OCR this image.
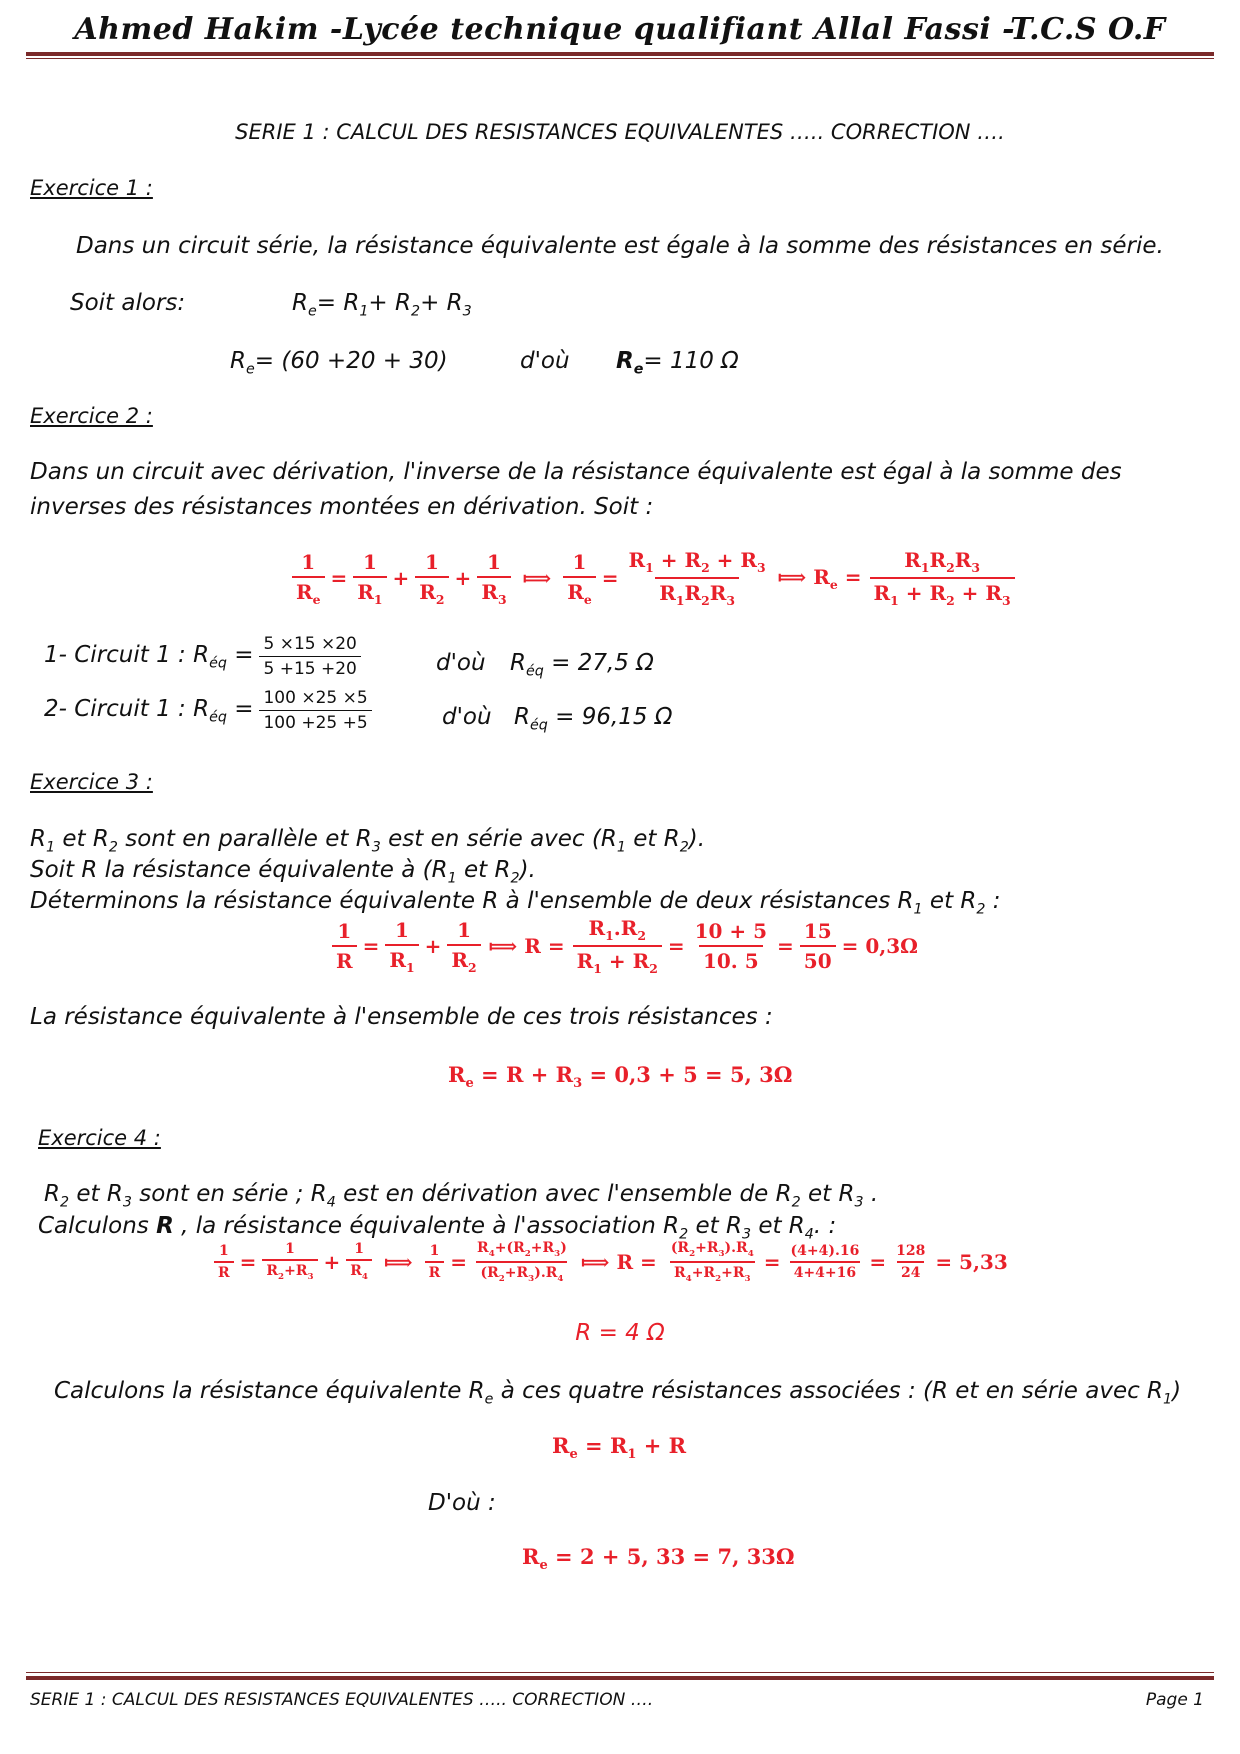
Ahmed Hakim -Lycée technique qualifiant Allal Fassi -T.C.S O.F
SERIE 1 : CALCUL DES RESISTANCES EQUIVALENTES ….. CORRECTION ….
Exercice 1 :
Dans un circuit série, la résistance équivalente est égale à la somme des résistances en série.
Soit alors:	$R_e= R_1+ R_2+ R_3$
$R_e= (60 +20 + 30)$	d'où $R_e= 110$ Ω
Exercice 2 :
Dans un circuit avec dérivation, l'inverse de la résistance équivalente est égal à la somme des
inverses des résistances montées en dérivation. Soit :
$\frac{1}{R_e} = \frac{1}{R_1} + \frac{1}{R_2} + \frac{1}{R_3}$ ⟾ $\frac{1}{R_e} = \frac{R_1 + R_2 + R_3}{R_1R_2R_3}$ ⟾ $R_e = \frac{R_1R_2R_3}{R_1 + R_2 + R_3}$
1- Circuit 1 : $R_{éq} = \frac{5 \times 15 \times 20}{5 +15 +20}$	d'où $R_{éq} = 27,5$ Ω
2- Circuit 1 : $R_{éq} = \frac{100 \times 25 \times 5}{100 +25 +5}$	d'où $R_{éq} = 96,15$ Ω
Exercice 3 :
$R_1$ et $R_2$ sont en parallèle et $R_3$ est en série avec ($R_1$ et $R_2$).
Soit R la résistance équivalente à ($R_1$ et $R_2$).
Déterminons la résistance équivalente R à l'ensemble de deux résistances $R_1$ et $R_2$ :
$\frac{1}{R} = \frac{1}{R_1} + \frac{1}{R_2}$ ⟾ $R = \frac{R_1.R_2}{R_1 + R_2} = \frac{10 + 5}{10. 5} = \frac{15}{50} = 0,3\Omega$
La résistance équivalente à l'ensemble de ces trois résistances :
$R_e = R + R_3 = 0,3 + 5 = 5$, 3Ω
Exercice 4 :
$R_2$ et $R_3$ sont en série ; $R_4$ est en dérivation avec l'ensemble de $R_2$ et $R_3$ .
Calculons R , la résistance équivalente à l'association $R_2$ et $R_3$ et $R_4$. :
$\frac{1}{R} = \frac{1}{R_2+R_3} + \frac{1}{R_4}$ ⟾ $\frac{1}{R} = \frac{R_4+(R_2+R_3)}{(R_2+R_3).R_4}$ ⟾ $R = \frac{(R_2+R_3).R_4}{R_4+R_2+R_3} = \frac{(4+4).16}{4+4+16} = \frac{128}{24} = 5,33$
R = 4 Ω
Calculons la résistance équivalente $R_e$ à ces quatre résistances associées : (R et en série avec $R_1$)
$R_e = R_1 + R$
D'où :
$R_e = 2 + 5$, 33 = 7, 33Ω
SERIE 1 : CALCUL DES RESISTANCES EQUIVALENTES ….. CORRECTION ….	Page 1
